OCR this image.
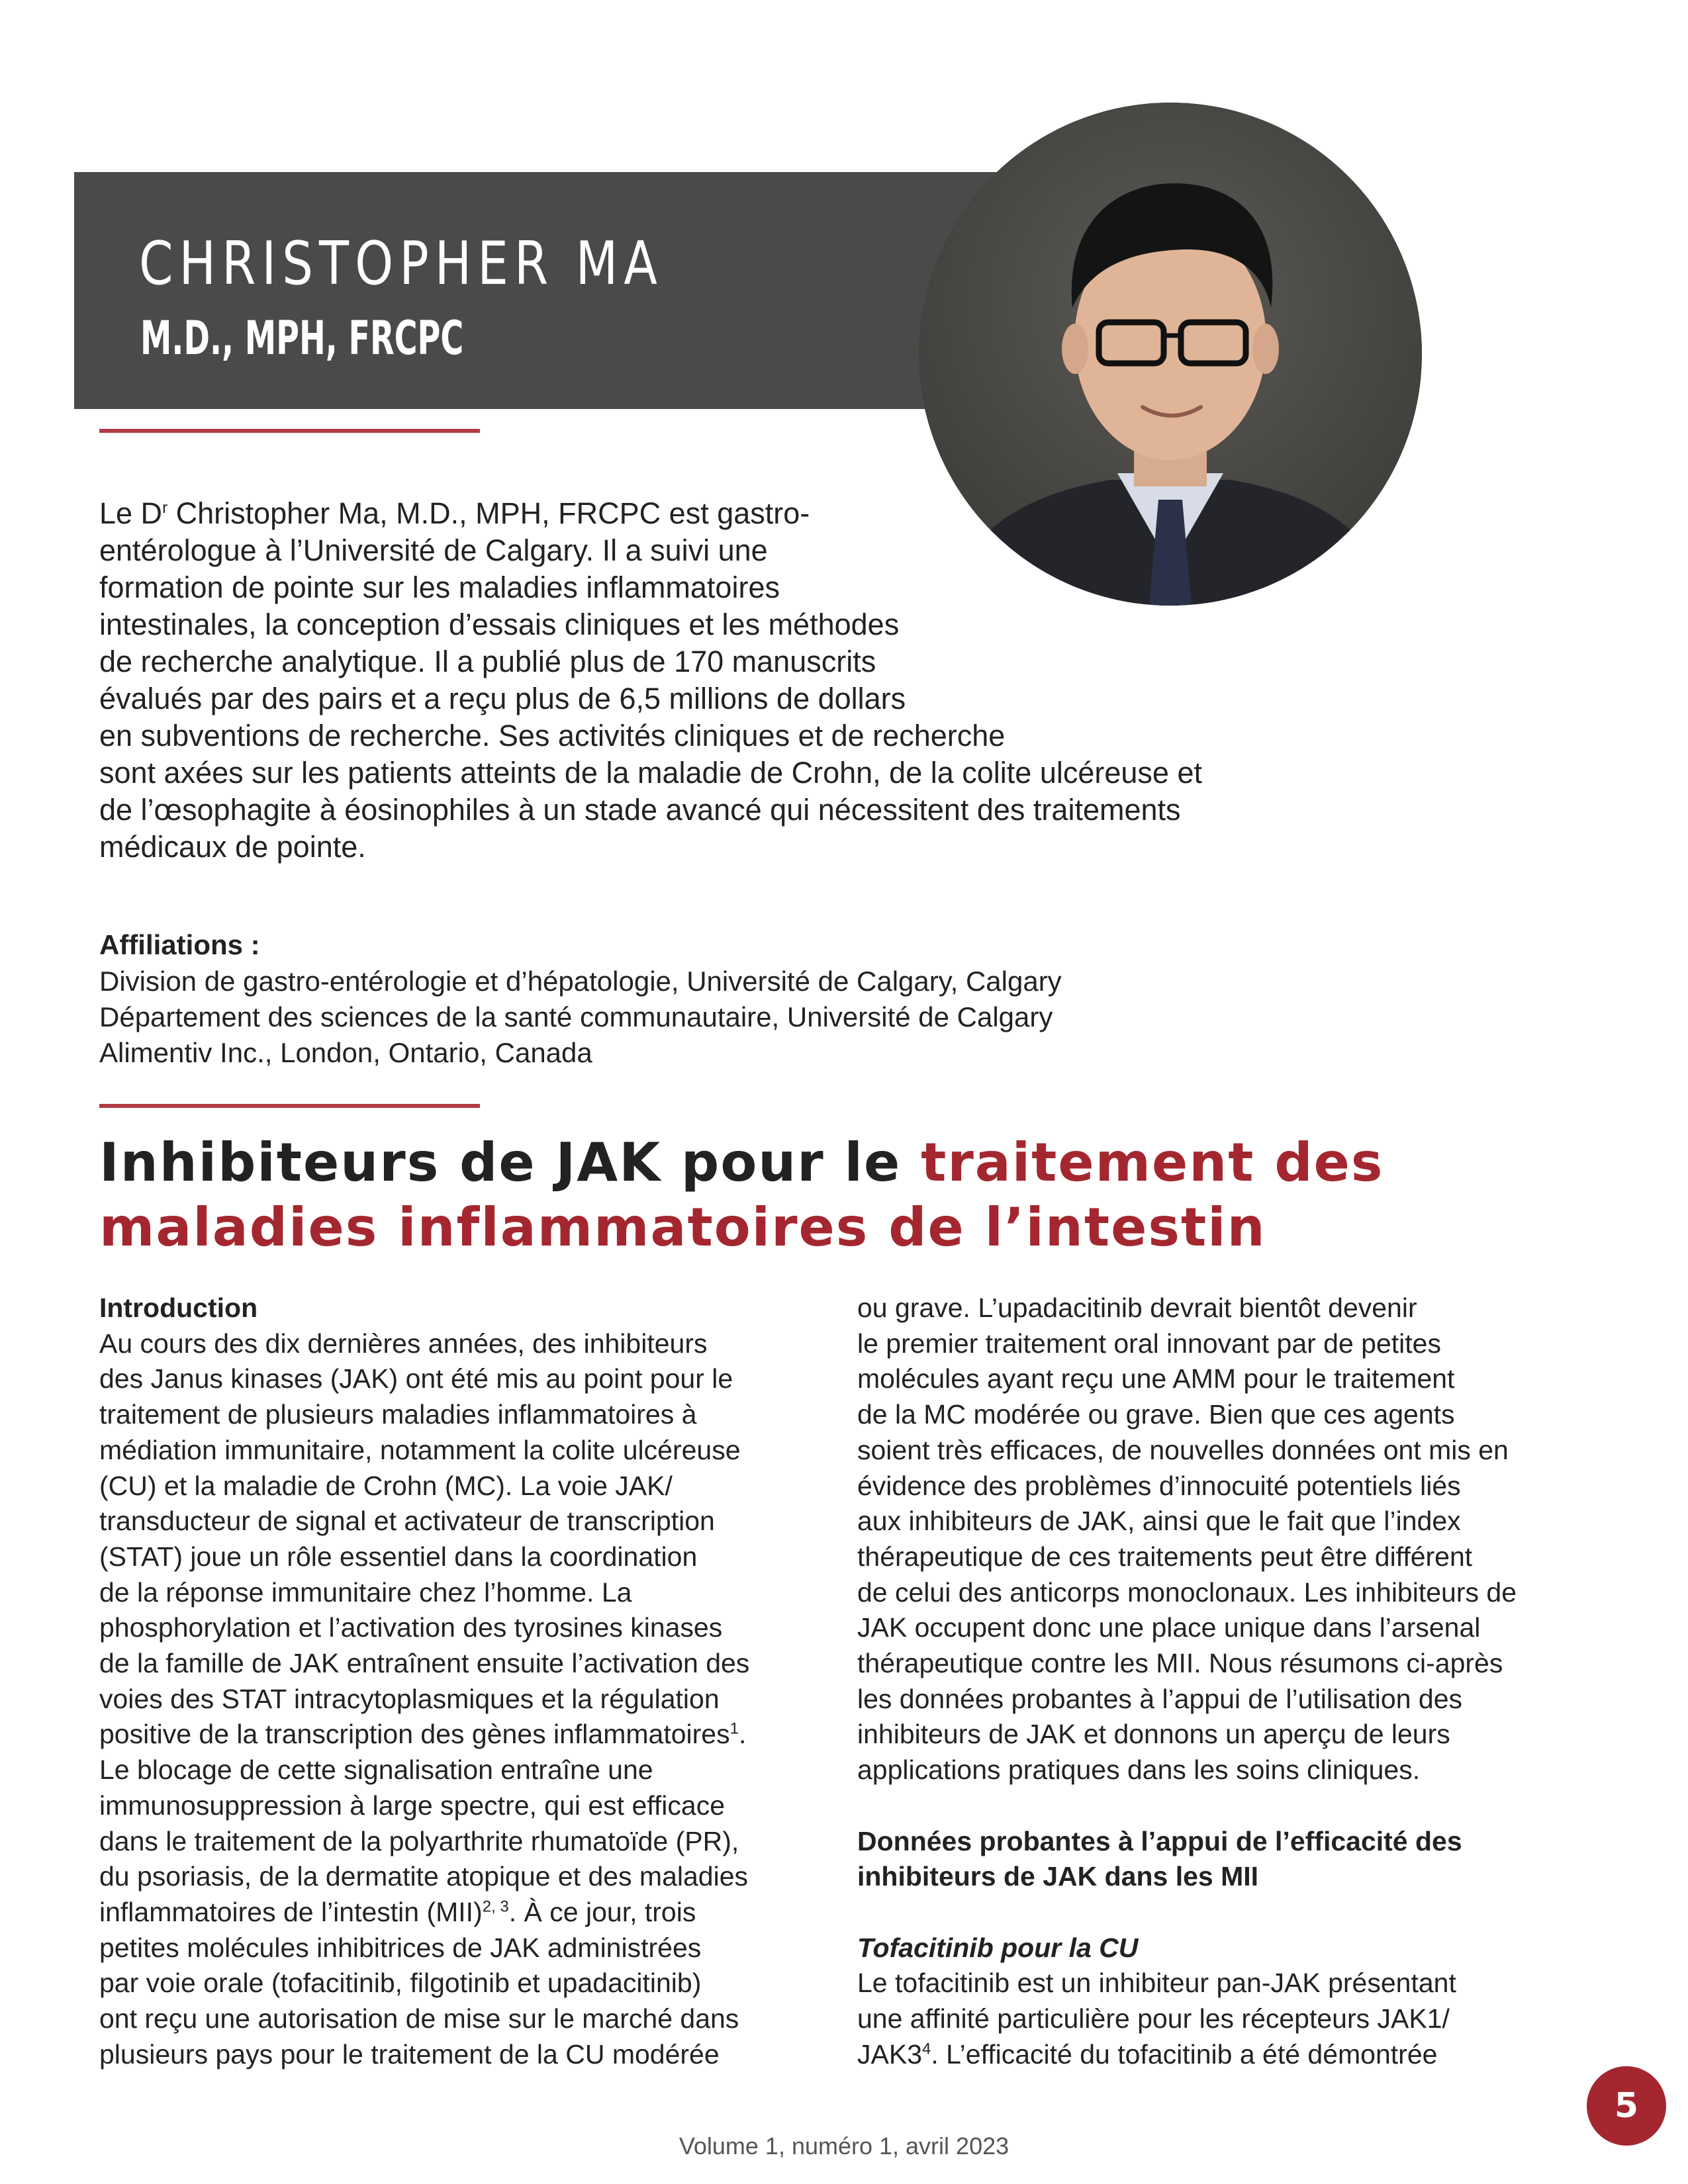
CHRISTOPHER MA
M.D., MPH, FRCPC
Le $D^r$ Christopher Ma, M.D., MPH, FRCPC est gastro-
entérologue à l’Université de Calgary. Il a suivi une
formation de pointe sur les maladies inflammatoires
intestinales, la conception d’essais cliniques et les méthodes
de recherche analytique. Il a publié plus de 170 manuscrits
évalués par des pairs et a reçu plus de 6,5 millions de dollars
en subventions de recherche. Ses activités cliniques et de recherche
sont axées sur les patients atteints de la maladie de Crohn, de la colite ulcéreuse et
de l’œsophagite à éosinophiles à un stade avancé qui nécessitent des traitements
médicaux de pointe.
Affiliations :
Division de gastro-entérologie et d’hépatologie, Université de Calgary, Calgary
Département des sciences de la santé communautaire, Université de Calgary
Alimentiv Inc., London, Ontario, Canada
Inhibiteurs de JAK pour le traitement des
maladies inflammatoires de l’intestin
Introduction
Au cours des dix dernières années, des inhibiteurs
des Janus kinases (JAK) ont été mis au point pour le
traitement de plusieurs maladies inflammatoires à
médiation immunitaire, notamment la colite ulcéreuse
(CU) et la maladie de Crohn (MC). La voie JAK/
transducteur de signal et activateur de transcription
(STAT) joue un rôle essentiel dans la coordination
de la réponse immunitaire chez l’homme. La
phosphorylation et l’activation des tyrosines kinases
de la famille de JAK entraînent ensuite l’activation des
voies des STAT intracytoplasmiques et la régulation
positive de la transcription des gènes inflammatoires$^1$.
Le blocage de cette signalisation entraîne une
immunosuppression à large spectre, qui est efficace
dans le traitement de la polyarthrite rhumatoïde (PR),
du psoriasis, de la dermatite atopique et des maladies
inflammatoires de l’intestin (MII)$^{2, 3}$. À ce jour, trois
petites molécules inhibitrices de JAK administrées
par voie orale (tofacitinib, filgotinib et upadacitinib)
ont reçu une autorisation de mise sur le marché dans
plusieurs pays pour le traitement de la CU modérée
ou grave. L’upadacitinib devrait bientôt devenir
le premier traitement oral innovant par de petites
molécules ayant reçu une AMM pour le traitement
de la MC modérée ou grave. Bien que ces agents
soient très efficaces, de nouvelles données ont mis en
évidence des problèmes d’innocuité potentiels liés
aux inhibiteurs de JAK, ainsi que le fait que l’index
thérapeutique de ces traitements peut être différent
de celui des anticorps monoclonaux. Les inhibiteurs de
JAK occupent donc une place unique dans l’arsenal
thérapeutique contre les MII. Nous résumons ci-après
les données probantes à l’appui de l’utilisation des
inhibiteurs de JAK et donnons un aperçu de leurs
applications pratiques dans les soins cliniques.
Données probantes à l’appui de l’efficacité des
inhibiteurs de JAK dans les MII
Tofacitinib pour la CU
Le tofacitinib est un inhibiteur pan-JAK présentant
une affinité particulière pour les récepteurs JAK1/
$JAK3^4$. L’efficacité du tofacitinib a été démontrée
Volume 1, numéro 1, avril 2023
5
